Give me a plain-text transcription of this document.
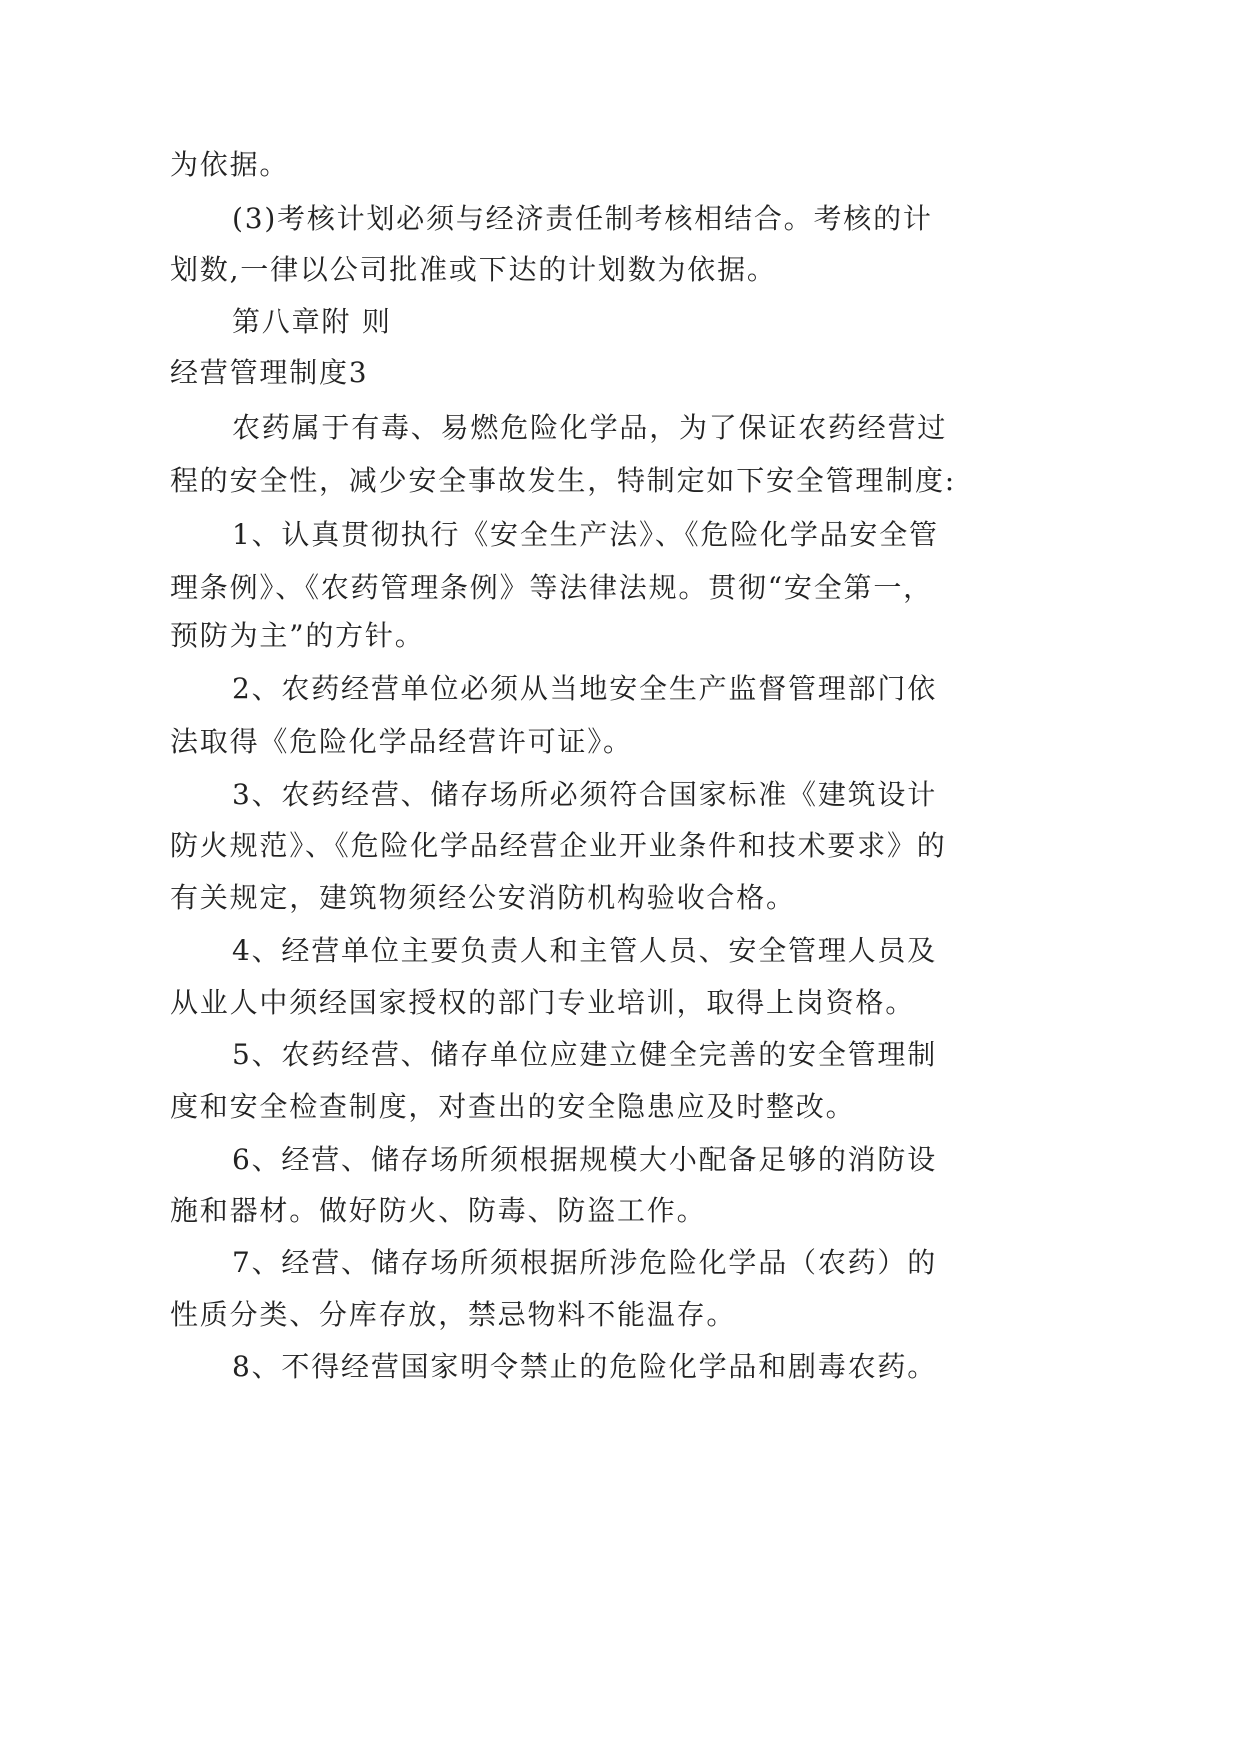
为依据。
(3)考核计划必须与经济责任制考核相结合。考核的计
划数,一律以公司批准或下达的计划数为依据。
第八章附 则
经营管理制度3
农药属于有毒、易燃危险化学品，为了保证农药经营过
程的安全性，减少安全事故发生，特制定如下安全管理制度:
1、认真贯彻执行《安全生产法》、《危险化学品安全管
理条例》、《农药管理条例》等法律法规。贯彻“安全第一，
预防为主”的方针。
2、农药经营单位必须从当地安全生产监督管理部门依
法取得《危险化学品经营许可证》。
3、农药经营、储存场所必须符合国家标准《建筑设计
防火规范》、《危险化学品经营企业开业条件和技术要求》的
有关规定，建筑物须经公安消防机构验收合格。
4、经营单位主要负责人和主管人员、安全管理人员及
从业人中须经国家授权的部门专业培训，取得上岗资格。
5、农药经营、储存单位应建立健全完善的安全管理制
度和安全检查制度，对查出的安全隐患应及时整改。
6、经营、储存场所须根据规模大小配备足够的消防设
施和器材。做好防火、防毒、防盗工作。
7、经营、储存场所须根据所涉危险化学品（农药）的
性质分类、分库存放，禁忌物料不能温存。
8、不得经营国家明令禁止的危险化学品和剧毒农药。
